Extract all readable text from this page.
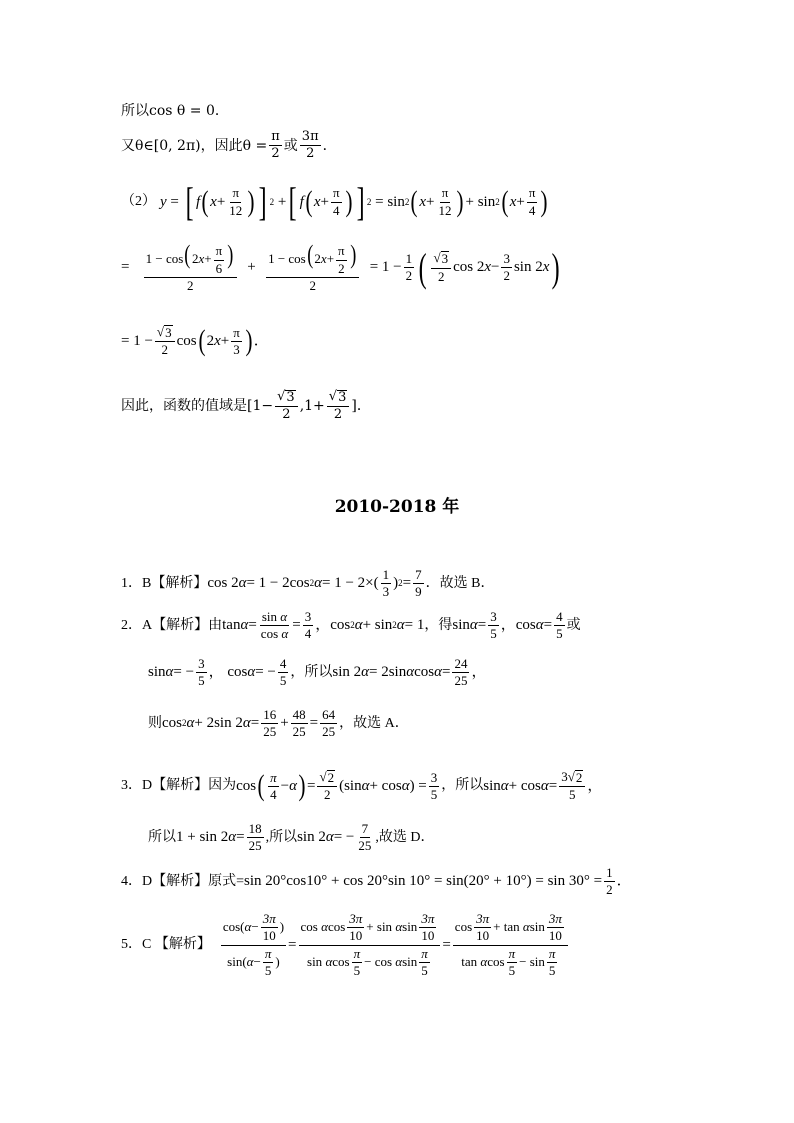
所以cos θ = 0．
又θ∈[0, 2π)，因此$\theta = \frac{\pi}{2}$ 或 $\frac{3\pi}{2}$ ．
（2） y = [ f ( $x + \frac{\pi}{12}$ ) ] 2 + [ f ( $x + \frac{\pi}{4}$ ) ] 2 = sin 2 ( $x + \frac{\pi}{12}$ ) + sin 2 ( $x + \frac{\pi}{4}$ )
= $\frac{1 - \cos(2x+ \frac{\pi}{6} )}{2} + \frac{1 - \cos(2x+ \frac{\pi}{2} )}{2} = 1 - \frac{1}{2}$ ( $\frac{√ 3}{2}$ cos 2 $x - \frac{3}{2}$ sin 2 x )
= $1 - \frac{√ 3}{2}$ cos ( 2 $x + \frac{\pi}{3}$ ) ．
因此，函数的值域是[$1- \frac{√ 3}{2} ,1+ \frac{√ 3}{2}$ ]．
2010-2018 年
1．B【解析】 cos 2 α = 1 − 2cos 2 $\alpha = 1 - 2\times( \frac{1}{3}$ ) $2 = \frac{7}{9}$ ．故选 B．
2．A【解析】由 $\tan \alpha = \frac{\text{sin α}}{\text{cos α}} = \frac{3}{4}$ ， cos 2 α + sin 2 α = 1 ，得 $\sin \alpha = \frac{3}{5}$ ， $\cos \alpha = \frac{4}{5}$ 或
sin α = − $\frac{3}{5}$ ， cos α = − $\frac{4}{5}$ ，所以 sin 2 α = 2sin α $\cos \alpha = \frac{24}{25}$ ，
则 cos 2 α + 2sin 2 $\alpha = \frac{16}{25} + \frac{48}{25} = \frac{64}{25}$ ，故选 A．
3．D【解析】因为 cos ( $\frac{\pi}{4} - \alpha$ ) = $\frac{√ 2}{2} (\sin$ α + cos α ) = $\frac{3}{5}$ ，所以 $\sin \alpha + \cos \alpha = \frac{3√ 2}{5}$ ，
所以 1 + sin 2 $\alpha = \frac{18}{25}$ ,所以 sin 2 α = − $\frac{7}{25}$ ,故选 D．
4．D【解析】原式= sin 20°cos10° + cos 20°sin $10^\circ = \sin(20^\circ + 10^\circ) = \sin 30^\circ = \frac{1}{2}$ ．
5．C 【解析】 $\frac{\cos(\alpha- \frac{3\pi}{10} )}{\sin(\alpha- \frac{\pi}{5} )} = \frac{\cos \alpha\cos \frac{3\pi}{10} + \sin \alpha\sin \frac{3\pi}{10}}{\sin \alpha\cos \frac{\pi}{5} - \cos \alpha\sin \frac{\pi}{5}} = \frac{\cos \frac{3\pi}{10} + \tan \alpha\sin \frac{3\pi}{10}}{\tan \alpha\cos \frac{\pi}{5} - \sin \frac{\pi}{5}}$
